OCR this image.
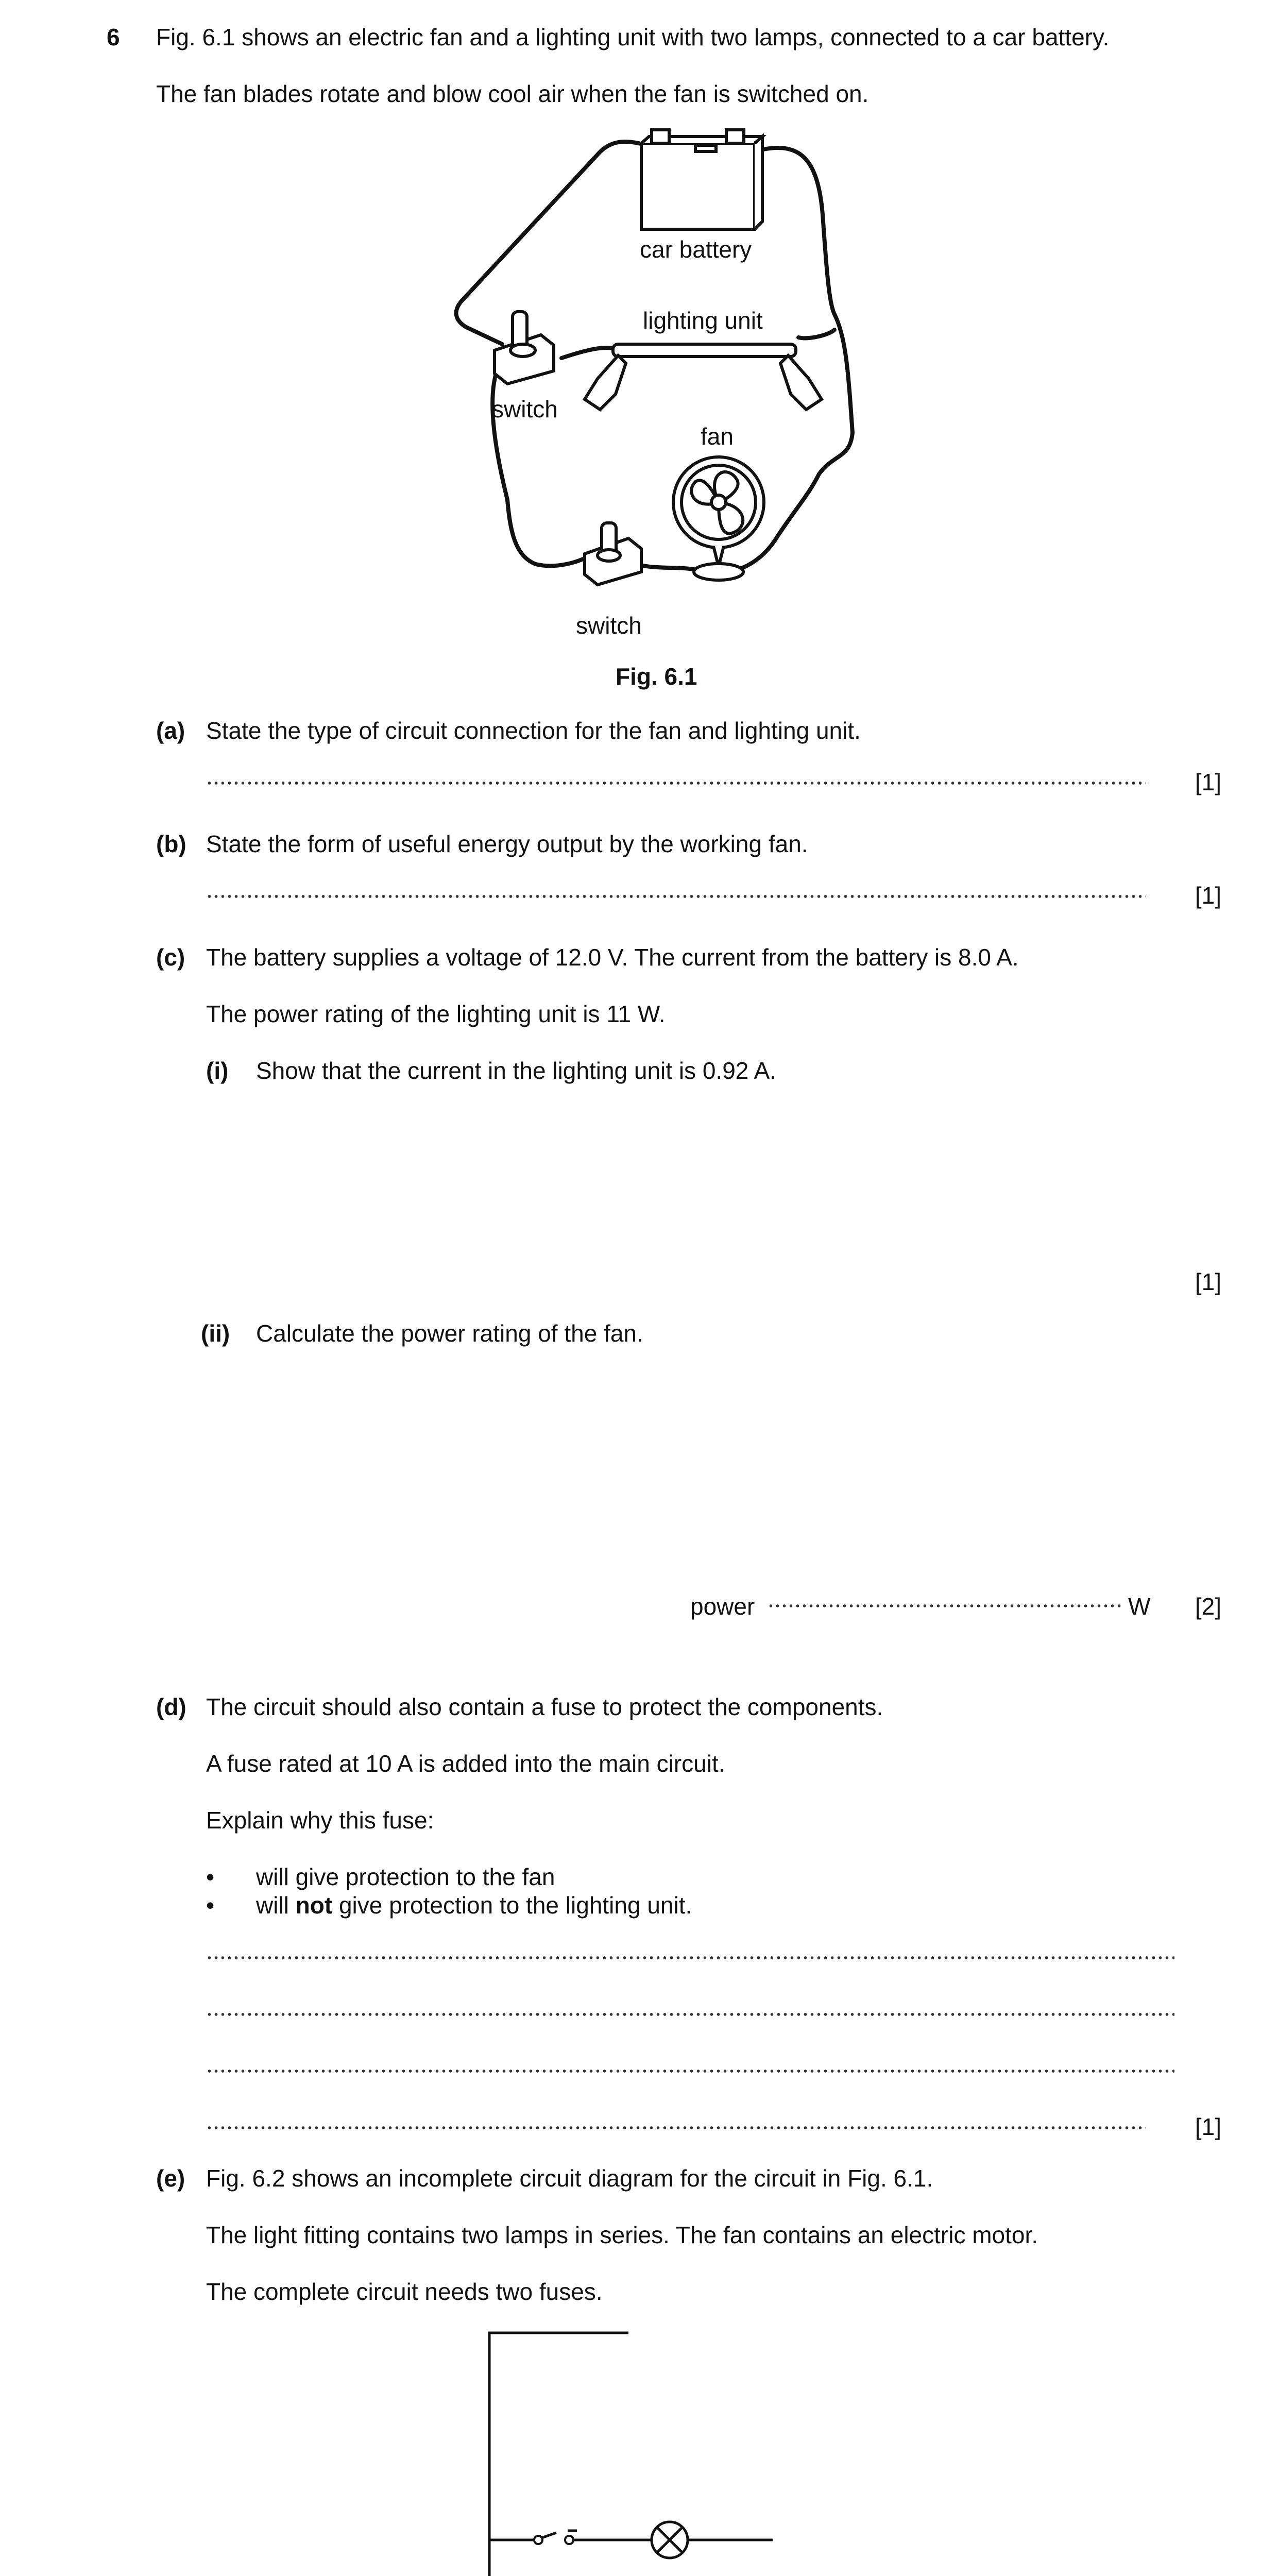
6 Fig. 6.1 shows an electric fan and a lighting unit with two lamps, connected to a car battery.
The fan blades rotate and blow cool air when the fan is switched on.
car battery
lighting unit
switch
fan
switch
Fig. 6.1
(a) State the type of circuit connection for the fan and lighting unit.
[1]
(b) State the form of useful energy output by the working fan.
[1]
(c) The battery supplies a voltage of 12.0 V. The current from the battery is 8.0 A.
The power rating of the lighting unit is 11 W.
(i) Show that the current in the lighting unit is 0.92 A.
[1]
(ii) Calculate the power rating of the fan.
power	W [2]
(d) The circuit should also contain a fuse to protect the components.
A fuse rated at 10 A is added into the main circuit.
Explain why this fuse:
• will give protection to the fan
• will not give protection to the lighting unit.
[1]
(e) Fig. 6.2 shows an incomplete circuit diagram for the circuit in Fig. 6.1.
The light fitting contains two lamps in series. The fan contains an electric motor.
The complete circuit needs two fuses.
